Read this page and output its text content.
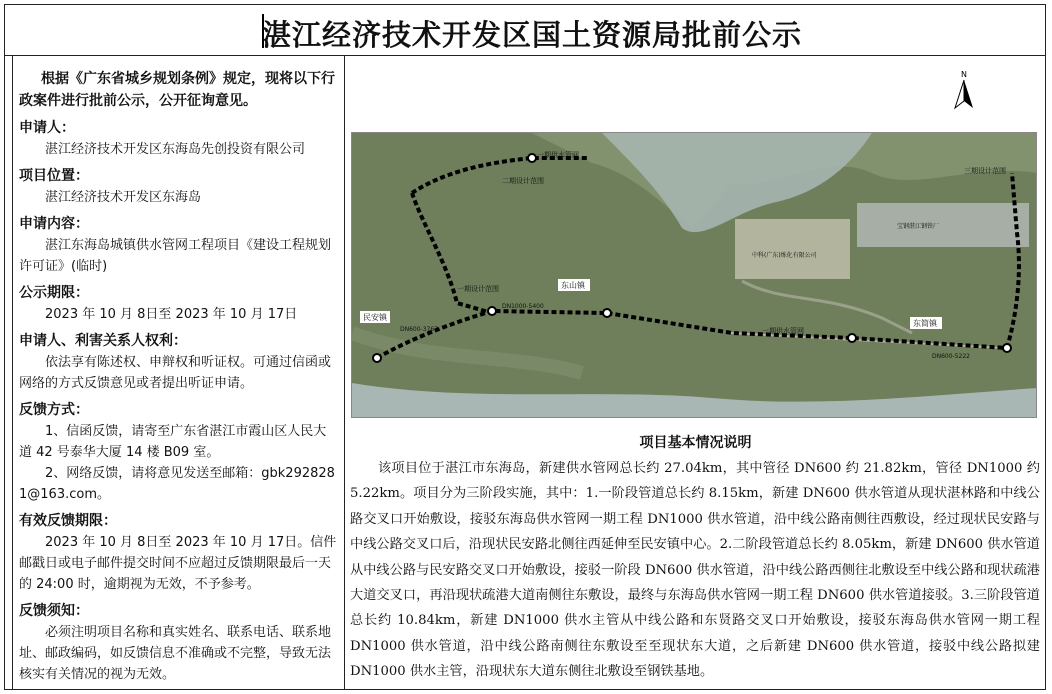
湛江经济技术开发区国土资源局批前公示

根据《广东省城乡规划条例》规定，现将以下行政案件进行批前公示，公开征询意见。

申请人：

湛江经济技术开发区东海岛先创投资有限公司

项目位置：

湛江经济技术开发区东海岛

申请内容：

湛江东海岛城镇供水管网工程项目《建设工程规划许可证》(临时)

公示期限：

2023 年 10 月 8日至 2023 年 10 月 17日

申请人、利害关系人权利：

依法享有陈述权、申辩权和听证权。可通过信函或网络的方式反馈意见或者提出听证申请。

反馈方式：

1、信函反馈，请寄至广东省湛江市霞山区人民大道 42 号泰华大厦 14 楼 B09 室。

2、网络反馈，请将意见发送至邮箱：gbk292828 1@163.com。

有效反馈期限：

2023 年 10 月 8日至 2023 年 10 月 17日。信件邮戳日或电子邮件提交时间不应超过反馈期限最后一天的 24:00 时，逾期视为无效，不予参考。

反馈须知：

必须注明项目名称和真实姓名、联系电话、联系地址、邮政编码，如反馈信息不准确或不完整，导致无法核实有关情况的视为无效。

N
民安镇
东山镇
东简镇
一期设计范围
二期设计范围
三期设计范围
DN600-3767
DN600-5222
DN1000-5400
一期供水管网
一期供水管网
中科(广东)炼化有限公司
宝钢湛江钢铁厂
项目基本情况说明

该项目位于湛江市东海岛，新建供水管网总长约 27.04km，其中管径 DN600 约 21.82km，管径 DN1000 约 5.22km。项目分为三阶段实施，其中：1.一阶段管道总长约 8.15km，新建 DN600 供水管道从现状湛林路和中线公路交叉口开始敷设，接驳东海岛供水管网一期工程 DN1000 供水管道，沿中线公路南侧往西敷设，经过现状民安路与中线公路交叉口后，沿现状民安路北侧往西延伸至民安镇中心。2.二阶段管道总长约 8.05km，新建 DN600 供水管道从中线公路与民安路交叉口开始敷设，接驳一阶段 DN600 供水管道，沿中线公路西侧往北敷设至中线公路和现状疏港大道交叉口，再沿现状疏港大道南侧往东敷设，最终与东海岛供水管网一期工程 DN600 供水管道接驳。3.三阶段管道总长约 10.84km，新建 DN1000 供水主管从中线公路和东贤路交叉口开始敷设，接驳东海岛供水管网一期工程 DN1000 供水管道，沿中线公路南侧往东敷设至至现状东大道，之后新建 DN600 供水管道，接驳中线公路拟建 DN1000 供水主管，沿现状东大道东侧往北敷设至钢铁基地。
